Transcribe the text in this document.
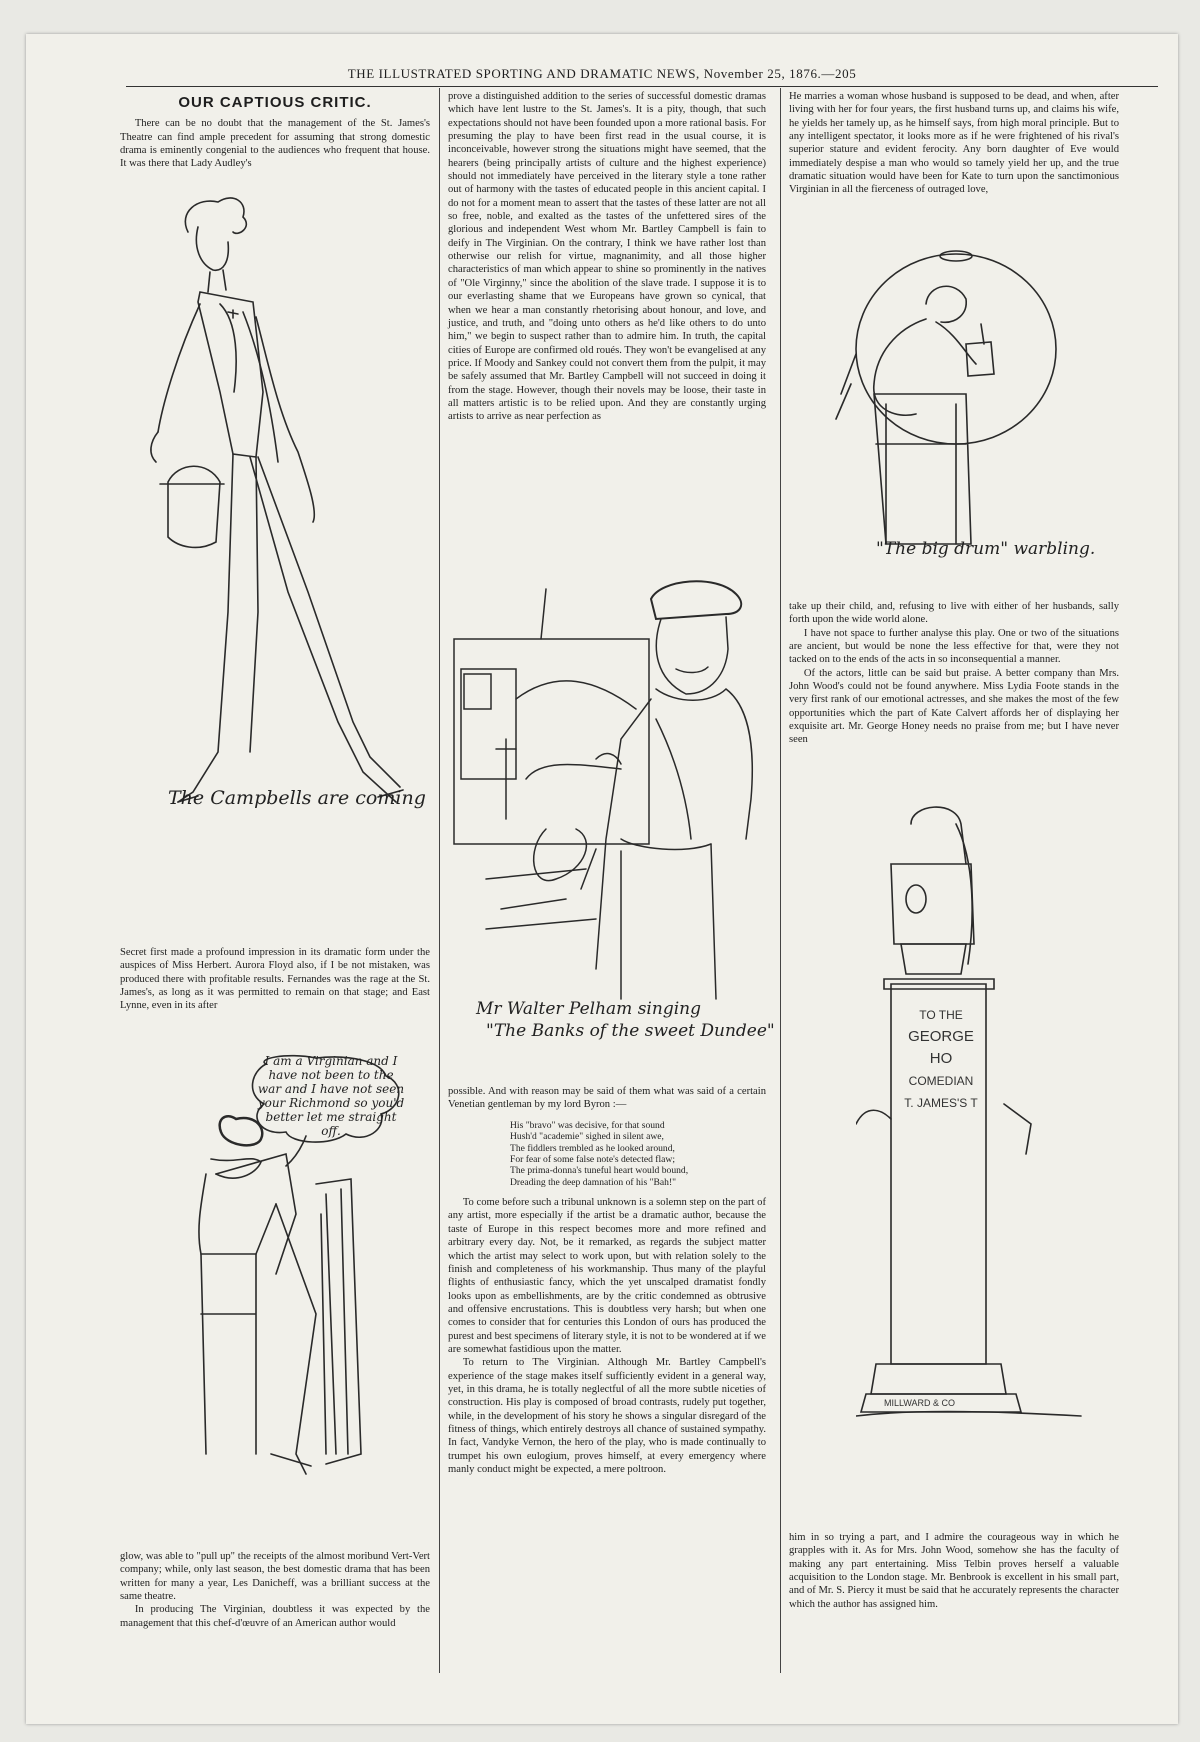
THE ILLUSTRATED SPORTING AND DRAMATIC NEWS, November 25, 1876.—205
OUR CAPTIOUS CRITIC.

There can be no doubt that the management of the St. James's Theatre can find ample precedent for assuming that strong domestic drama is eminently congenial to the audiences who frequent that house. It was there that Lady Audley's

The Campbells are coming

Secret first made a profound impression in its dramatic form under the auspices of Miss Herbert. Aurora Floyd also, if I be not mistaken, was produced there with profitable results. Fernandes was the rage at the St. James's, as long as it was permitted to remain on that stage; and East Lynne, even in its after

I am a Virginian and I have not been to the war and I have not seen your Richmond so you'd better let me straight off.

glow, was able to "pull up" the receipts of the almost moribund Vert-Vert company; while, only last season, the best domestic drama that has been written for many a year, Les Danicheff, was a brilliant success at the same theatre.

In producing The Virginian, doubtless it was expected by the management that this chef-d'œuvre of an American author would

prove a distinguished addition to the series of successful domestic dramas which have lent lustre to the St. James's. It is a pity, though, that such expectations should not have been founded upon a more rational basis. For presuming the play to have been first read in the usual course, it is inconceivable, however strong the situations might have seemed, that the hearers (being principally artists of culture and the highest experience) should not immediately have perceived in the literary style a tone rather out of harmony with the tastes of educated people in this ancient capital. I do not for a moment mean to assert that the tastes of these latter are not all so free, noble, and exalted as the tastes of the unfettered sires of the glorious and independent West whom Mr. Bartley Campbell is fain to deify in The Virginian. On the contrary, I think we have rather lost than otherwise our relish for virtue, magnanimity, and all those higher characteristics of man which appear to shine so prominently in the natives of "Ole Virginny," since the abolition of the slave trade. I suppose it is to our everlasting shame that we Europeans have grown so cynical, that when we hear a man constantly rhetorising about honour, and love, and justice, and truth, and "doing unto others as he'd like others to do unto him," we begin to suspect rather than to admire him. In truth, the capital cities of Europe are confirmed old roués. They won't be evangelised at any price. If Moody and Sankey could not convert them from the pulpit, it may be safely assumed that Mr. Bartley Campbell will not succeed in doing it from the stage. However, though their novels may be loose, their taste in all matters artistic is to be relied upon. And they are constantly urging artists to arrive as near perfection as

Mr Walter Pelham singing
"The Banks of the sweet Dundee"

possible. And with reason may be said of them what was said of a certain Venetian gentleman by my lord Byron :—

His "bravo" was decisive, for that sound
Hush'd "academie" sighed in silent awe,
The fiddlers trembled as he looked around,
For fear of some false note's detected flaw;
The prima-donna's tuneful heart would bound,
Dreading the deep damnation of his "Bah!"

To come before such a tribunal unknown is a solemn step on the part of any artist, more especially if the artist be a dramatic author, because the taste of Europe in this respect becomes more and more refined and arbitrary every day. Not, be it remarked, as regards the subject matter which the artist may select to work upon, but with relation solely to the finish and completeness of his workmanship. Thus many of the playful flights of enthusiastic fancy, which the yet unscalped dramatist fondly looks upon as embellishments, are by the critic condemned as obtrusive and offensive encrustations. This is doubtless very harsh; but when one comes to consider that for centuries this London of ours has produced the purest and best specimens of literary style, it is not to be wondered at if we are somewhat fastidious upon the matter.

To return to The Virginian. Although Mr. Bartley Campbell's experience of the stage makes itself sufficiently evident in a general way, yet, in this drama, he is totally neglectful of all the more subtle niceties of construction. His play is composed of broad contrasts, rudely put together, while, in the development of his story he shows a singular disregard of the fitness of things, which entirely destroys all chance of sustained sympathy. In fact, Vandyke Vernon, the hero of the play, who is made continually to trumpet his own eulogium, proves himself, at every emergency where manly conduct might be expected, a mere poltroon.

He marries a woman whose husband is supposed to be dead, and when, after living with her for four years, the first husband turns up, and claims his wife, he yields her tamely up, as he himself says, from high moral principle. But to any intelligent spectator, it looks more as if he were frightened of his rival's superior stature and evident ferocity. Any born daughter of Eve would immediately despise a man who would so tamely yield her up, and the true dramatic situation would have been for Kate to turn upon the sanctimonious Virginian in all the fierceness of outraged love,

"The big drum" warbling.

take up their child, and, refusing to live with either of her husbands, sally forth upon the wide world alone.

I have not space to further analyse this play. One or two of the situations are ancient, but would be none the less effective for that, were they not tacked on to the ends of the acts in so inconsequential a manner.

Of the actors, little can be said but praise. A better company than Mrs. John Wood's could not be found anywhere. Miss Lydia Foote stands in the very first rank of our emotional actresses, and she makes the most of the few opportunities which the part of Kate Calvert affords her of displaying her exquisite art. Mr. George Honey needs no praise from me; but I have never seen

TO THE
GEORGE HO
COMEDIAN
T. JAMES'S T
MILLWARD & CO

him in so trying a part, and I admire the courageous way in which he grapples with it. As for Mrs. John Wood, somehow she has the faculty of making any part entertaining. Miss Telbin proves herself a valuable acquisition to the London stage. Mr. Benbrook is excellent in his small part, and of Mr. S. Piercy it must be said that he accurately represents the character which the author has assigned him.
